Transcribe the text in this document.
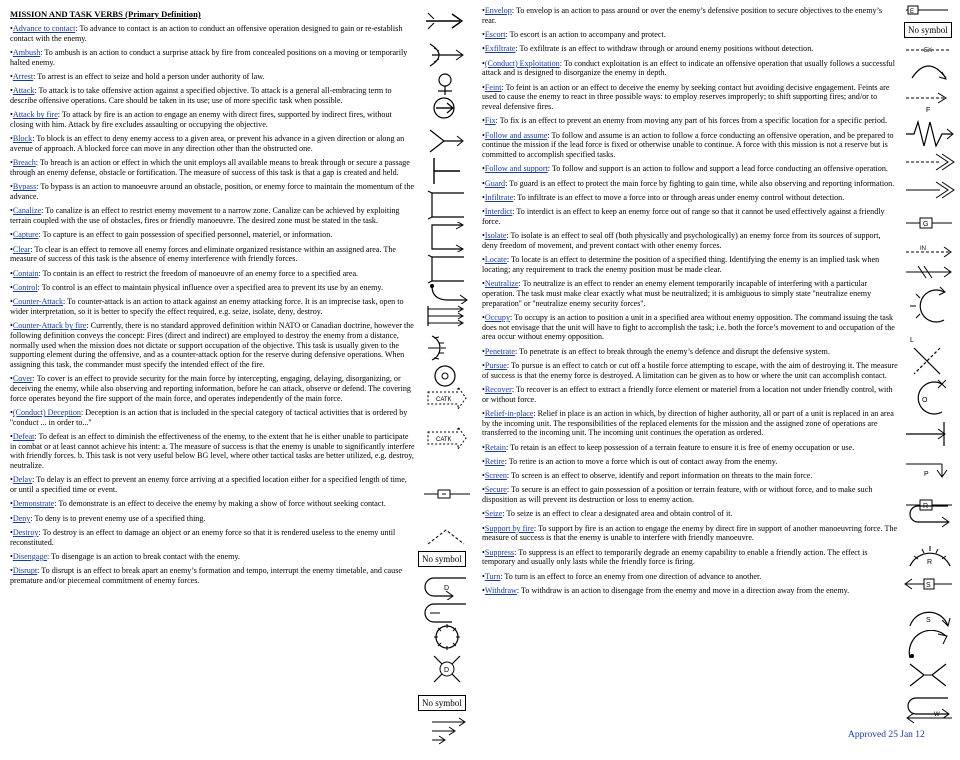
MISSION AND TASK VERBS (Primary Definition)
•Advance to contact: To advance to contact is an action to conduct an offensive operation designed to gain or re-establish contact with the enemy.
•Ambush: To ambush is an action to conduct a surprise attack by fire from concealed positions on a moving or temporarily halted enemy.
•Arrest: To arrest is an effect to seize and hold a person under authority of law.
•Attack: To attack is to take offensive action against a specified objective. To attack is a general all-embracing term to describe offensive operations. Care should be taken in its use; use of more specific task when possible.
•Attack by fire: To attack by fire is an action to engage an enemy with direct fires, supported by indirect fires, without closing with him. Attack by fire excludes assaulting or occupying the objective.
•Block: To block is an effect to deny enemy access to a given area, or prevent his advance in a given direction or along an avenue of approach. A blocked force can move in any direction other than the obstructed one.
•Breach: To breach is an action or effect in which the unit employs all available means to break through or secure a passage through an enemy defense, obstacle or fortification. The measure of success of this task is that a gap is created and held.
•Bypass: To bypass is an action to manoeuvre around an obstacle, position, or enemy force to maintain the momentum of the advance.
•Canalize: To canalize is an effect to restrict enemy movement to a narrow zone. Canalize can be achieved by exploiting terrain coupled with the use of obstacles, fires or friendly manoeuvre. The desired zone must be stated in the task.
•Capture: To capture is an effect to gain possession of specified personnel, materiel, or information.
•Clear: To clear is an effect to remove all enemy forces and eliminate organized resistance within an assigned area. The measure of success of this task is the absence of enemy interference with friendly forces.
•Contain: To contain is an effect to restrict the freedom of manoeuvre of an enemy force to a specified area.
•Control: To control is an effect to maintain physical influence over a specified area to prevent its use by an enemy.
•Counter-Attack: To counter-attack is an action to attack against an enemy attacking force. It is an imprecise task, open to wider interpretation, so it is better to specify the effect required, e.g. seize, isolate, deny, destroy.
•Counter-Attack by fire: Currently, there is no standard approved definition within NATO or Canadian doctrine, however the following definition conveys the concept: Fires (direct and indirect) are employed to destroy the enemy from a distance, normally used when the mission does not dictate or support occupation of the objective. This task is usually given to the supporting element during the offensive, and as a counter-attack option for the reserve during defensive operations. When assigning this task, the commander must specify the intended effect of the fire.
•Cover: To cover is an effect to provide security for the main force by intercepting, engaging, delaying, disorganizing, or deceiving the enemy, while also observing and reporting information, before he can attack, observe or defend. The covering force operates beyond the fire support of the main force, and operates independently of the main force.
•(Conduct) Deception: Deception is an action that is included in the special category of tactical activities that is ordered by ''conduct ... in order to...''
•Defeat: To defeat is an effect to diminish the effectiveness of the enemy, to the extent that he is either unable to participate in combat or at least cannot achieve his intent: a. The measure of success is that the enemy is unable to significantly interfere with friendly forces. b. This task is not very useful below BG level, where other tactical tasks are better utilized, e.g. destroy, neutralize.
•Delay: To delay is an effect to prevent an enemy force arriving at a specified location either for a specified length of time, or until a specified time or event.
•Demonstrate: To demonstrate is an effect to deceive the enemy by making a show of force without seeking contact.
•Deny: To deny is to prevent enemy use of a specified thing.
•Destroy: To destroy is an effect to damage an object or an enemy force so that it is rendered useless to the enemy until reconstituted.
•Disengage: To disengage is an action to break contact with the enemy.
•Disrupt: To disrupt is an effect to break apart an enemy’s formation and tempo, interrupt the enemy timetable, and cause premature and/or piecemeal commitment of enemy forces.
•Envelop: To envelop is an action to pass around or over the enemy’s defensive position to secure objectives to the enemy’s rear.
•Escort: To escort is an action to accompany and protect.
•Exfiltrate: To exfiltrate is an effect to withdraw through or around enemy positions without detection.
•(Conduct) Exploitation: To conduct exploitation is an effect to indicate an offensive operation that usually follows a successful attack and is designed to disorganize the enemy in depth.
•Feint: To feint is an action or an effect to deceive the enemy by seeking contact but avoiding decisive engagement. Feints are used to cause the enemy to react in three possible ways: to employ reserves improperly; to shift supporting fires; and/or to reveal defensive fires.
•Fix: To fix is an effect to prevent an enemy from moving any part of his forces from a specific location for a specific period.
•Follow and assume: To follow and assume is an action to follow a force conducting an offensive operation, and be prepared to continue the mission if the lead force is fixed or otherwise unable to continue. A force with this mission is not a reserve but is committed to accomplish specified tasks.
•Follow and support: To follow and support is an action to follow and support a lead force conducting an offensive operation.
•Guard: To guard is an effect to protect the main force by fighting to gain time, while also observing and reporting information.
•Infiltrate: To infiltrate is an effect to move a force into or through areas under enemy control without detection.
•Interdict: To interdict is an effect to keep an enemy force out of range so that it cannot be used effectively against a friendly force.
•Isolate: To isolate is an effect to seal off (both physically and psychologically) an enemy force from its sources of support, deny freedom of movement, and prevent contact with other enemy forces.
•Locate: To locate is an effect to determine the position of a specified thing. Identifying the enemy is an implied task when locating; any requirement to track the enemy position must be made clear.
•Neutralize: To neutralize is an effect to render an enemy element temporarily incapable of interfering with a particular operation. The task must make clear exactly what must be neutralized; it is ambiguous to simply state ''neutralize enemy preparation'' or ''neutralize enemy security forces''.
•Occupy: To occupy is an action to position a unit in a specified area without enemy opposition. The command issuing the task does not envisage that the unit will have to fight to accomplish the task; i.e. both the force’s movement to and occupation of the area occur without enemy opposition.
•Penetrate: To penetrate is an effect to break through the enemy’s defence and disrupt the defensive system.
•Pursue: To pursue is an effect to catch or cut off a hostile force attempting to escape, with the aim of destroying it. The measure of success is that the enemy force is destroyed. A limitation can be given as to how or where the unit can accomplish contact.
•Recover: To recover is an effect to extract a friendly force element or materiel from a location not under friendly control, with or without force.
•Relief-in-place: Relief in place is an action in which, by direction of higher authority, all or part of a unit is replaced in an area by the incoming unit. The responsibilities of the replaced elements for the mission and the assigned zone of operations are transferred to the incoming unit. The incoming unit continues the operation as ordered.
•Retain: To retain is an effect to keep possession of a terrain feature to ensure it is free of enemy occupation or use.
•Retire: To retire is an action to move a force which is out of contact away from the enemy.
•Screen: To screen is an effect to observe, identify and report information on threats to the main force.
•Secure: To secure is an effect to gain possession of a position or terrain feature, with or without force, and to make such disposition as will prevent its destruction or loss to enemy action.
•Seize: To seize is an effect to clear a designated area and obtain control of it.
•Support by fire: To support by fire is an action to engage the enemy by direct fire in support of another manoeuvring force. The measure of success is that the enemy is unable to interfere with friendly manoeuvre.
•Suppress: To suppress is an effect to temporarily degrade an enemy capability to enable a friendly action. The effect is temporary and usually only lasts while the friendly force is firing.
•Turn: To turn is an effect to force an enemy from one direction of advance to another.
•Withdraw: To withdraw is an action to disengage from the enemy and move in a direction away from the enemy.
CATK
CATK
No symbol
D
D
No symbol
E
No symbol
EX
F
G
IN
L
O
P
R
R
S
S
W
Approved 25 Jan 12
